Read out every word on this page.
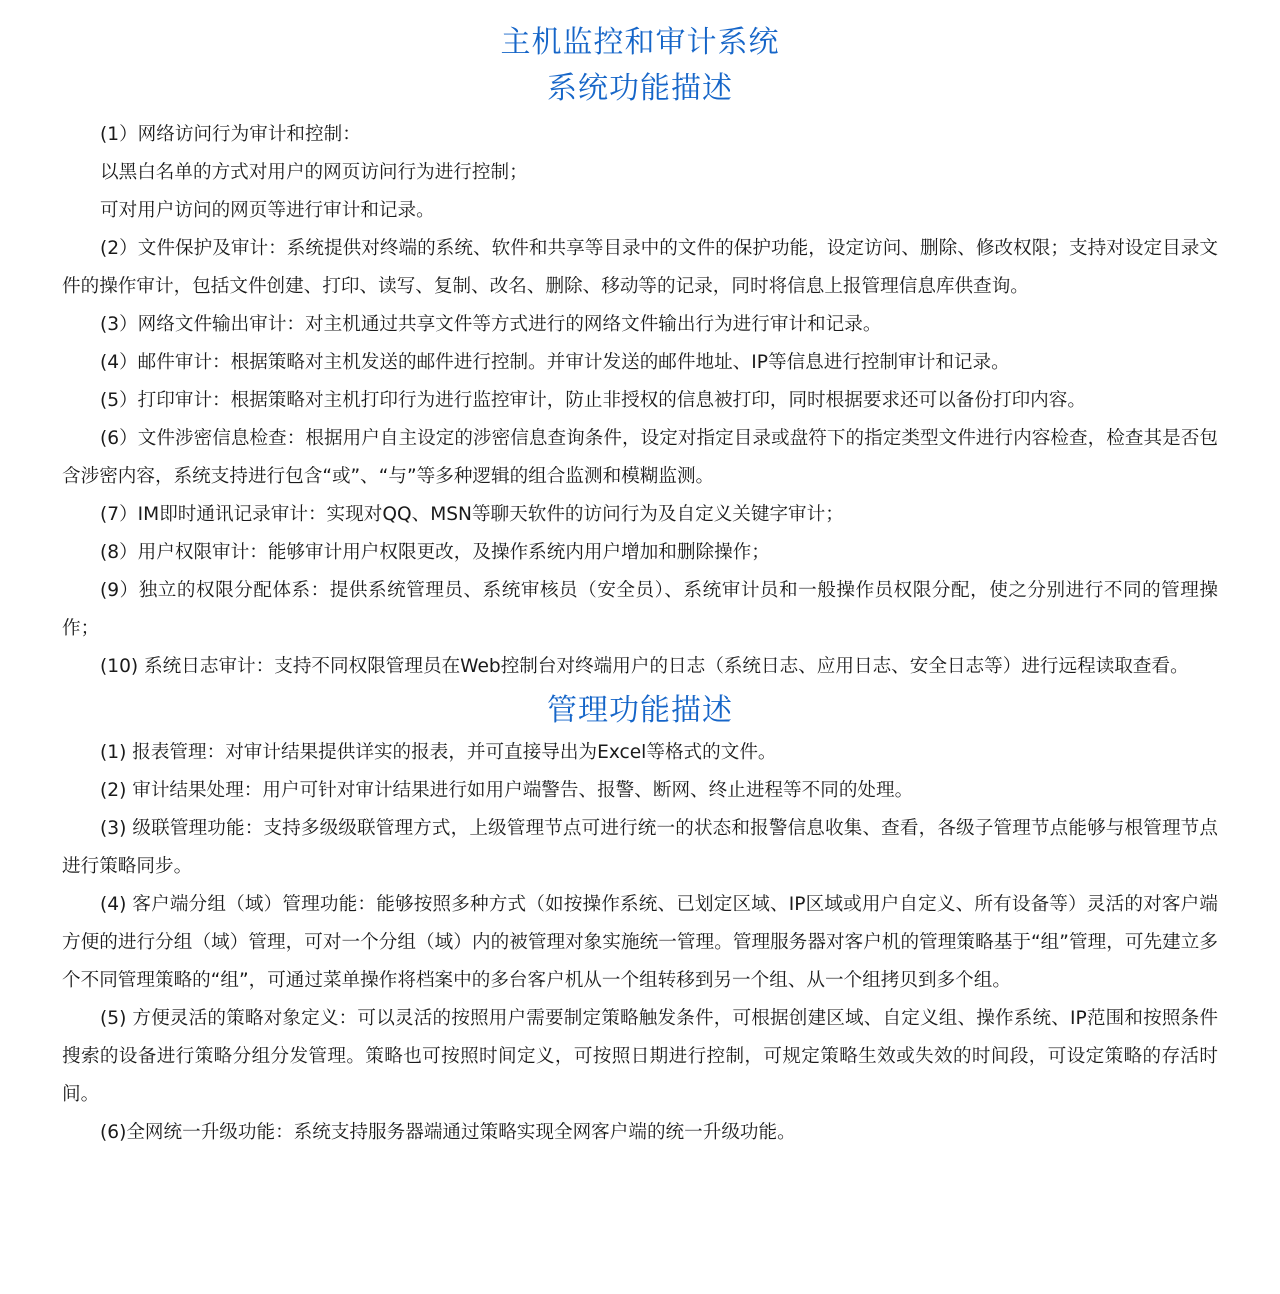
主机监控和审计系统
系统功能描述

(1）网络访问行为审计和控制：

以黑白名单的方式对用户的网页访问行为进行控制；

可对用户访问的网页等进行审计和记录。

(2）文件保护及审计：系统提供对终端的系统、软件和共享等目录中的文件的保护功能，设定访问、删除、修改权限；支持对设定目录文件的操作审计，包括文件创建、打印、读写、复制、改名、删除、移动等的记录，同时将信息上报管理信息库供查询。

(3）网络文件输出审计：对主机通过共享文件等方式进行的网络文件输出行为进行审计和记录。

(4）邮件审计：根据策略对主机发送的邮件进行控制。并审计发送的邮件地址、IP等信息进行控制审计和记录。

(5）打印审计：根据策略对主机打印行为进行监控审计，防止非授权的信息被打印，同时根据要求还可以备份打印内容。

(6）文件涉密信息检查：根据用户自主设定的涉密信息查询条件，设定对指定目录或盘符下的指定类型文件进行内容检查，检查其是否包含涉密内容，系统支持进行包含“或”、“与”等多种逻辑的组合监测和模糊监测。

(7）IM即时通讯记录审计：实现对QQ、MSN等聊天软件的访问行为及自定义关键字审计；

(8）用户权限审计：能够审计用户权限更改，及操作系统内用户增加和删除操作；

(9）独立的权限分配体系：提供系统管理员、系统审核员（安全员）、系统审计员和一般操作员权限分配，使之分别进行不同的管理操作；

(10) 系统日志审计：支持不同权限管理员在Web控制台对终端用户的日志（系统日志、应用日志、安全日志等）进行远程读取查看。

管理功能描述

(1) 报表管理：对审计结果提供详实的报表，并可直接导出为Excel等格式的文件。

(2) 审计结果处理：用户可针对审计结果进行如用户端警告、报警、断网、终止进程等不同的处理。

(3) 级联管理功能：支持多级级联管理方式，上级管理节点可进行统一的状态和报警信息收集、查看，各级子管理节点能够与根管理节点进行策略同步。

(4) 客户端分组（域）管理功能：能够按照多种方式（如按操作系统、已划定区域、IP区域或用户自定义、所有设备等）灵活的对客户端方便的进行分组（域）管理，可对一个分组（域）内的被管理对象实施统一管理。管理服务器对客户机的管理策略基于“组”管理，可先建立多个不同管理策略的“组”，可通过菜单操作将档案中的多台客户机从一个组转移到另一个组、从一个组拷贝到多个组。

(5) 方便灵活的策略对象定义：可以灵活的按照用户需要制定策略触发条件，可根据创建区域、自定义组、操作系统、IP范围和按照条件搜索的设备进行策略分组分发管理。策略也可按照时间定义，可按照日期进行控制，可规定策略生效或失效的时间段，可设定策略的存活时间。

(6)全网统一升级功能：系统支持服务器端通过策略实现全网客户端的统一升级功能。
